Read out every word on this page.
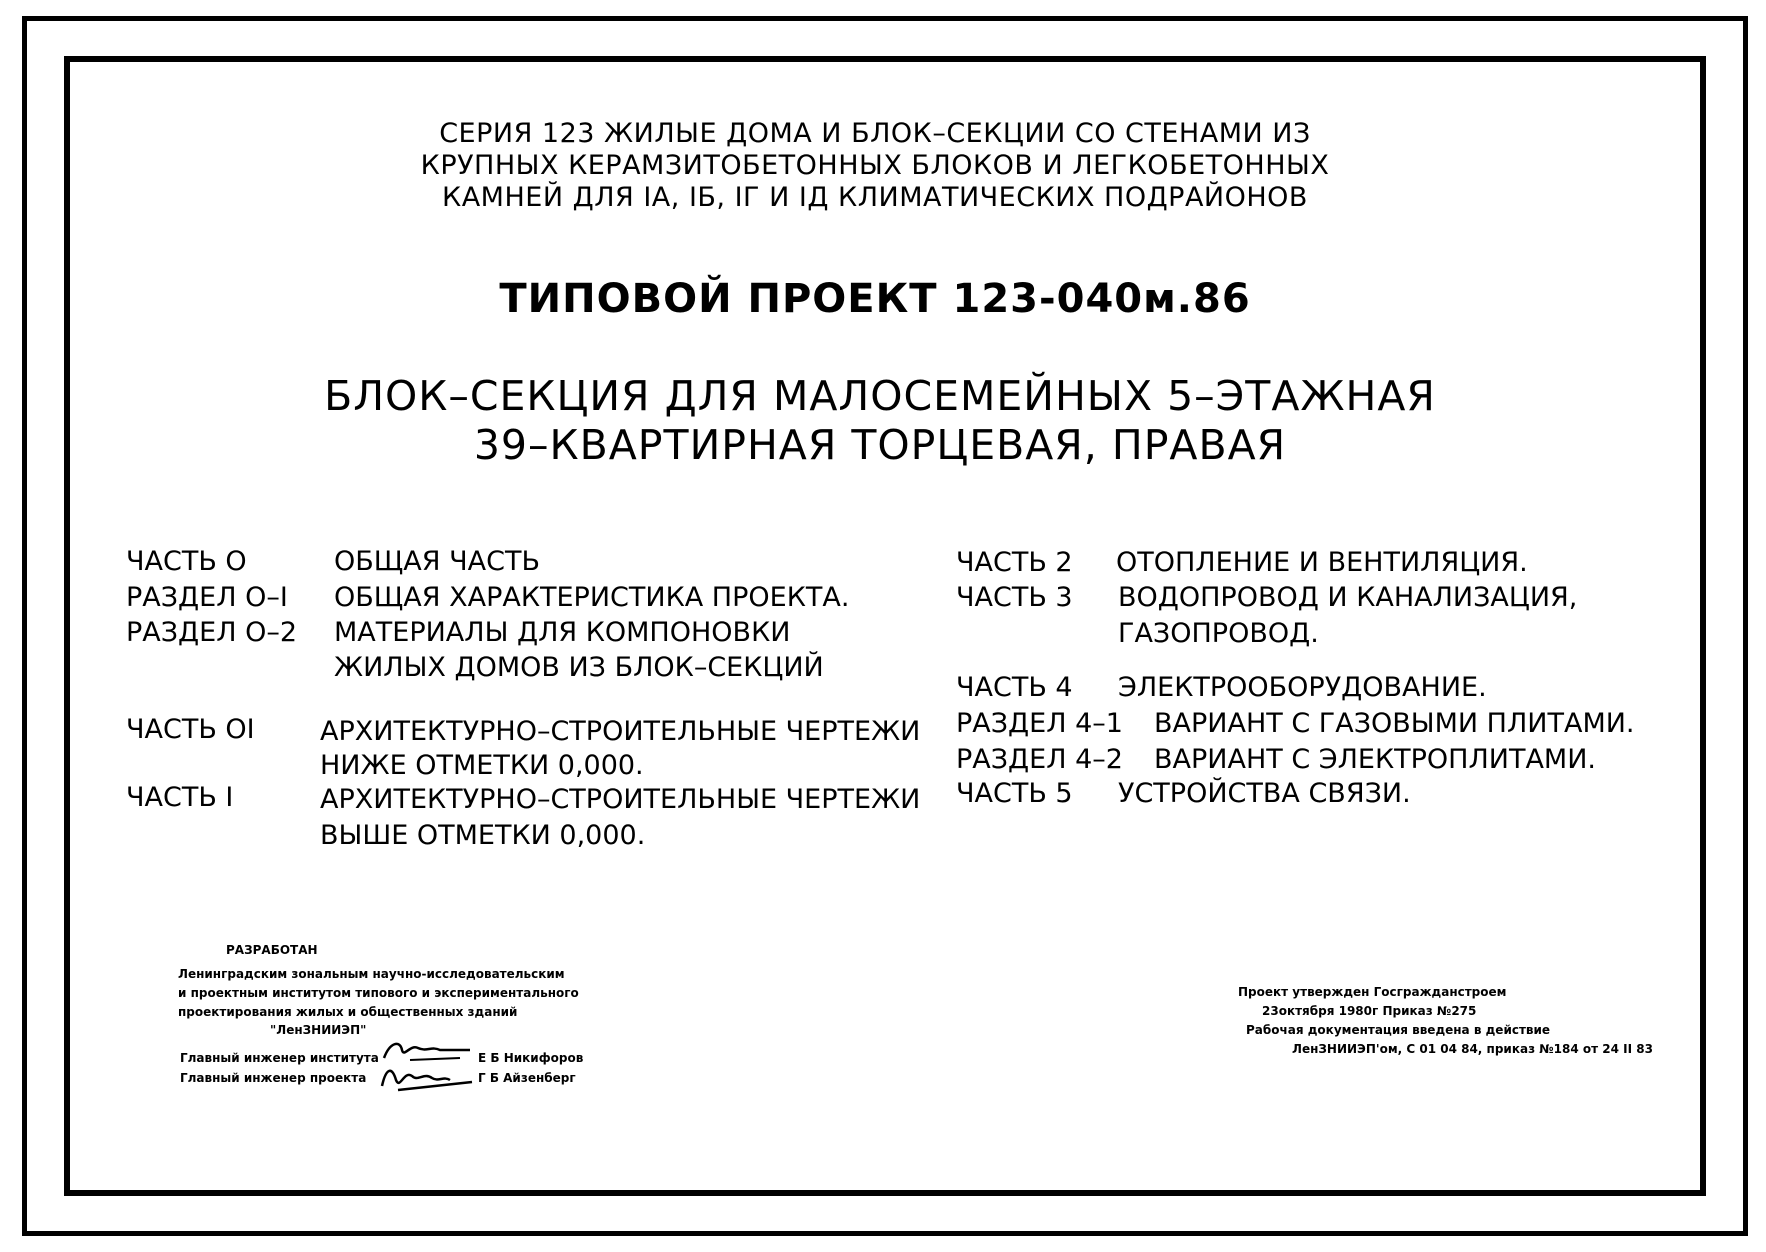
СЕРИЯ 123 ЖИЛЫЕ ДОМА И БЛОК–СЕКЦИИ СО СТЕНАМИ ИЗ
КРУПНЫХ КЕРАМЗИТОБЕТОННЫХ БЛОКОВ И ЛЕГКОБЕТОННЫХ
КАМНЕЙ ДЛЯ IA, IБ, IГ И IД КЛИМАТИЧЕСКИХ ПОДРАЙОНОВ
ТИПОВОЙ ПРОЕКТ 123-040м.86
БЛОК–СЕКЦИЯ ДЛЯ МАЛОСЕМЕЙНЫХ 5–ЭТАЖНАЯ
39–КВАРТИРНАЯ ТОРЦЕВАЯ, ПРАВАЯ
ЧАСТЬ О	ОБЩАЯ ЧАСТЬ
РАЗДЕЛ О–I ОБЩАЯ ХАРАКТЕРИСТИКА ПРОЕКТА.
РАЗДЕЛ О–2 МАТЕРИАЛЫ ДЛЯ КОМПОНОВКИ
ЖИЛЫХ ДОМОВ ИЗ БЛОК–СЕКЦИЙ
ЧАСТЬ OI АРХИТЕКТУРНО–СТРОИТЕЛЬНЫЕ ЧЕРТЕЖИ
НИЖЕ ОТМЕТКИ 0,000.
ЧАСТЬ I	АРХИТЕКТУРНО–СТРОИТЕЛЬНЫЕ ЧЕРТЕЖИ
ВЫШЕ ОТМЕТКИ 0,000.
ЧАСТЬ 2 ОТОПЛЕНИЕ И ВЕНТИЛЯЦИЯ.
ЧАСТЬ 3 ВОДОПРОВОД И КАНАЛИЗАЦИЯ,
ГАЗОПРОВОД.
ЧАСТЬ 4 ЭЛЕКТРООБОРУДОВАНИЕ.
РАЗДЕЛ 4–1 ВАРИАНТ С ГАЗОВЫМИ ПЛИТАМИ.
РАЗДЕЛ 4–2 ВАРИАНТ С ЭЛЕКТРОПЛИТАМИ.
ЧАСТЬ 5 УСТРОЙСТВА СВЯЗИ.
РАЗРАБОТАН
Ленинградским зональным научно-исследовательским
и проектным институтом типового и экспериментального
проектирования жилых и общественных зданий
"ЛенЗНИИЭП"
Главный инженер института	Е Б Никифоров
Главный инженер проекта	Г Б Айзенберг
Проект утвержден Госгражданстроем
23октября 1980г Приказ №275
Рабочая документация введена в действие
ЛенЗНИИЭП'ом, С 01 04 84, приказ №184 от 24 II 83
